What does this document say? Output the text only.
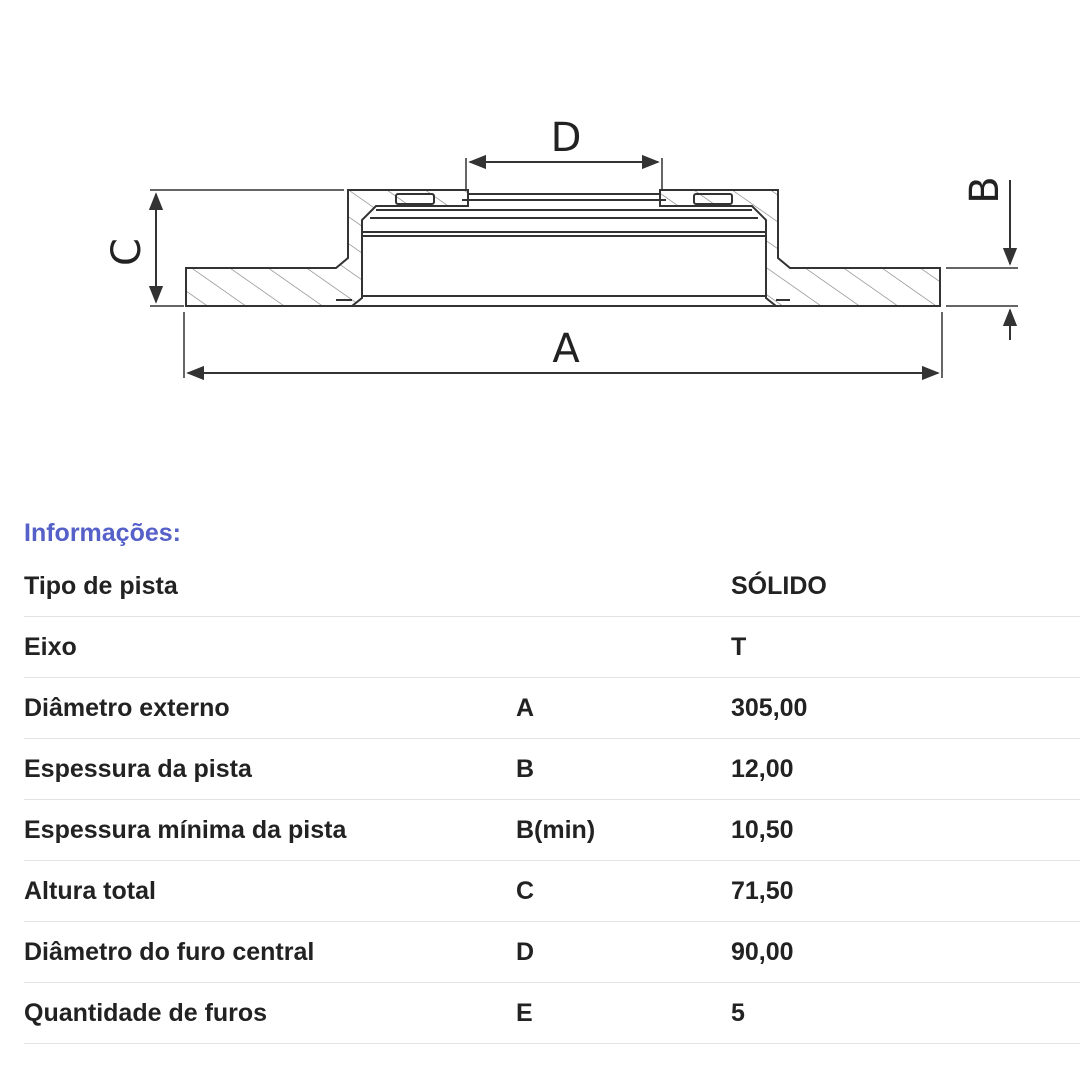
D
A
C
B
Informações:
Tipo de pista		SÓLIDO
Eixo		T
Diâmetro externo	A	305,00
Espessura da pista	B	12,00
Espessura mínima da pista	B(min)	10,50
Altura total	C	71,50
Diâmetro do furo central	D	90,00
Quantidade de furos	E	5
